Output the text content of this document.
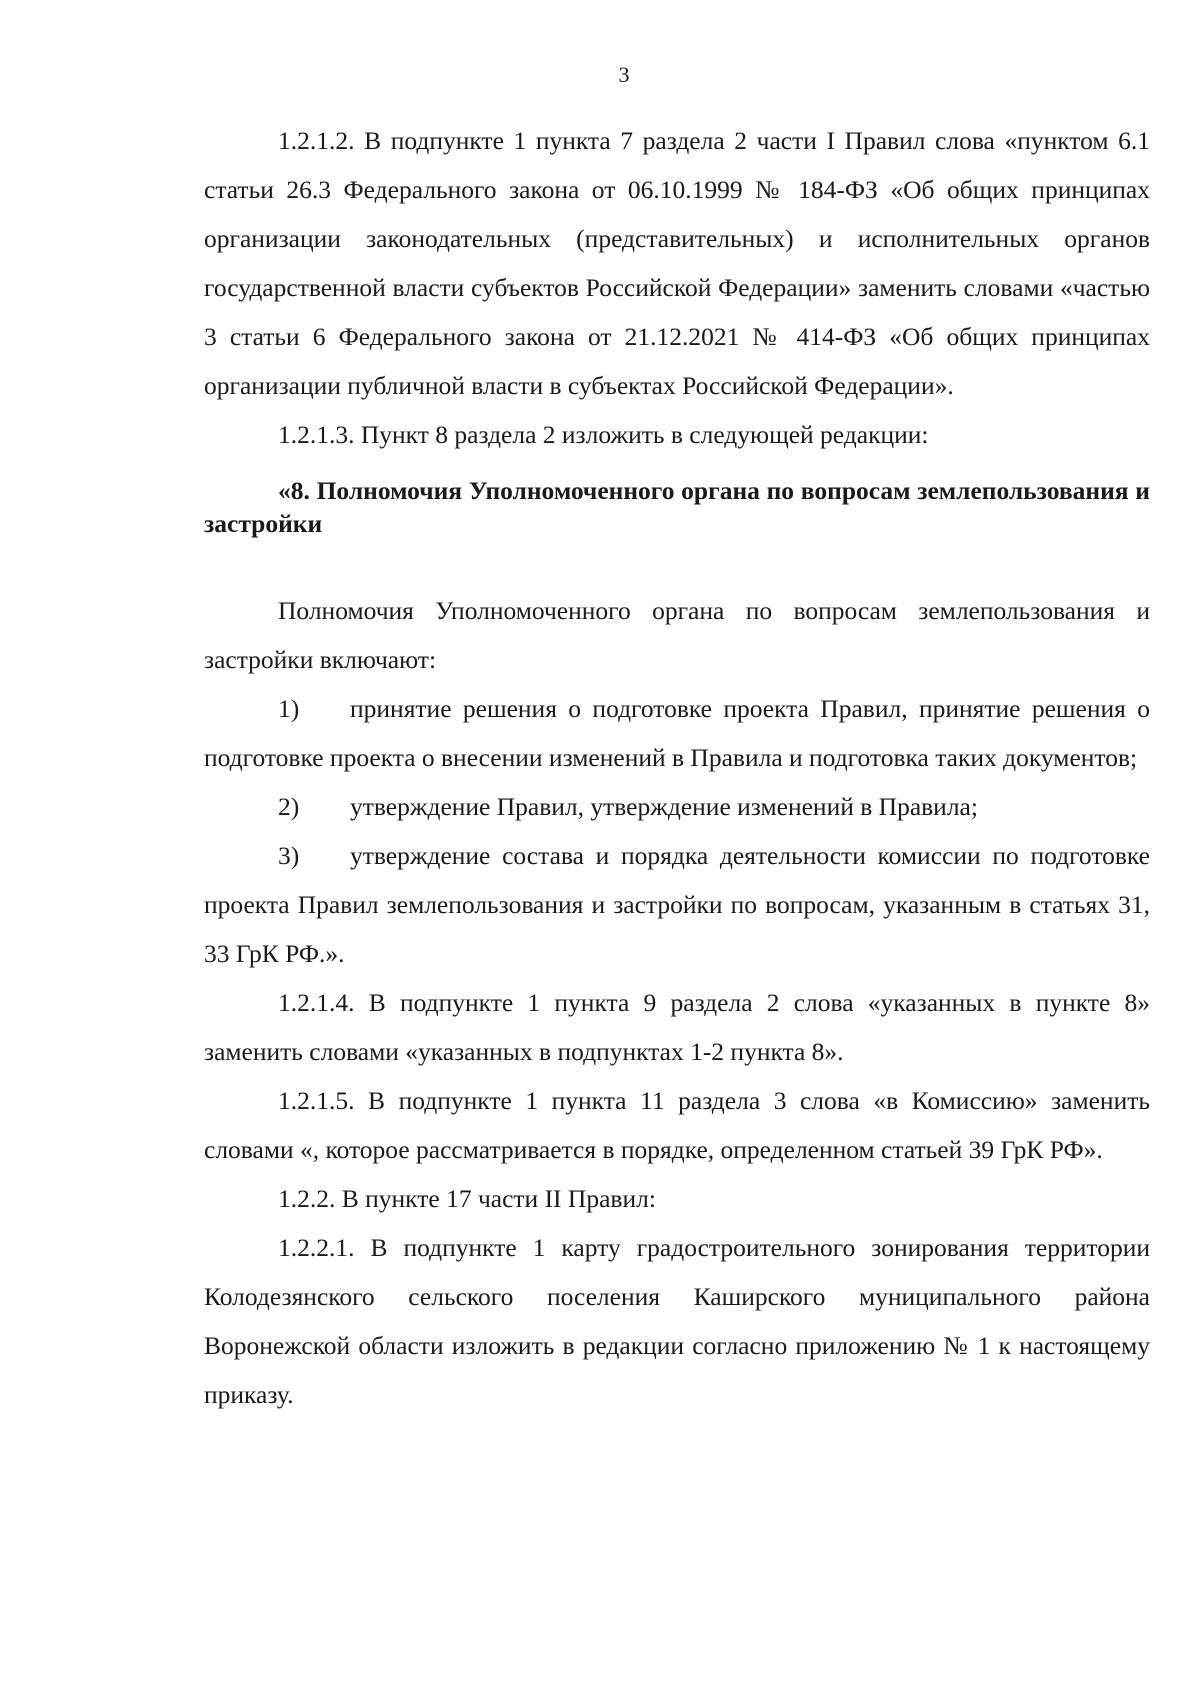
3

1.2.1.2. В подпункте 1 пункта 7 раздела 2 части I Правил слова «пунктом 6.1 статьи 26.3 Федерального закона от 06.10.1999 № 184-ФЗ «Об общих принципах организации законодательных (представительных) и исполнительных органов государственной власти субъектов Российской Федерации» заменить словами «частью 3 статьи 6 Федерального закона от 21.12.2021 № 414-ФЗ «Об общих принципах организации публичной власти в субъектах Российской Федерации».

1.2.1.3. Пункт 8 раздела 2 изложить в следующей редакции:

«8. Полномочия Уполномоченного органа по вопросам землепользования и застройки

Полномочия Уполномоченного органа по вопросам землепользования и застройки включают:

1) принятие решения о подготовке проекта Правил, принятие решения о подготовке проекта о внесении изменений в Правила и подготовка таких документов;

2) утверждение Правил, утверждение изменений в Правила;

3) утверждение состава и порядка деятельности комиссии по подготовке проекта Правил землепользования и застройки по вопросам, указанным в статьях 31, 33 ГрК РФ.».

1.2.1.4. В подпункте 1 пункта 9 раздела 2 слова «указанных в пункте 8» заменить словами «указанных в подпунктах 1-2 пункта 8».

1.2.1.5. В подпункте 1 пункта 11 раздела 3 слова «в Комиссию» заменить словами «, которое рассматривается в порядке, определенном статьей 39 ГрК РФ».

1.2.2. В пункте 17 части II Правил:

1.2.2.1. В подпункте 1 карту градостроительного зонирования территории Колодезянского сельского поселения Каширского муниципального района Воронежской области изложить в редакции согласно приложению № 1 к настоящему приказу.
